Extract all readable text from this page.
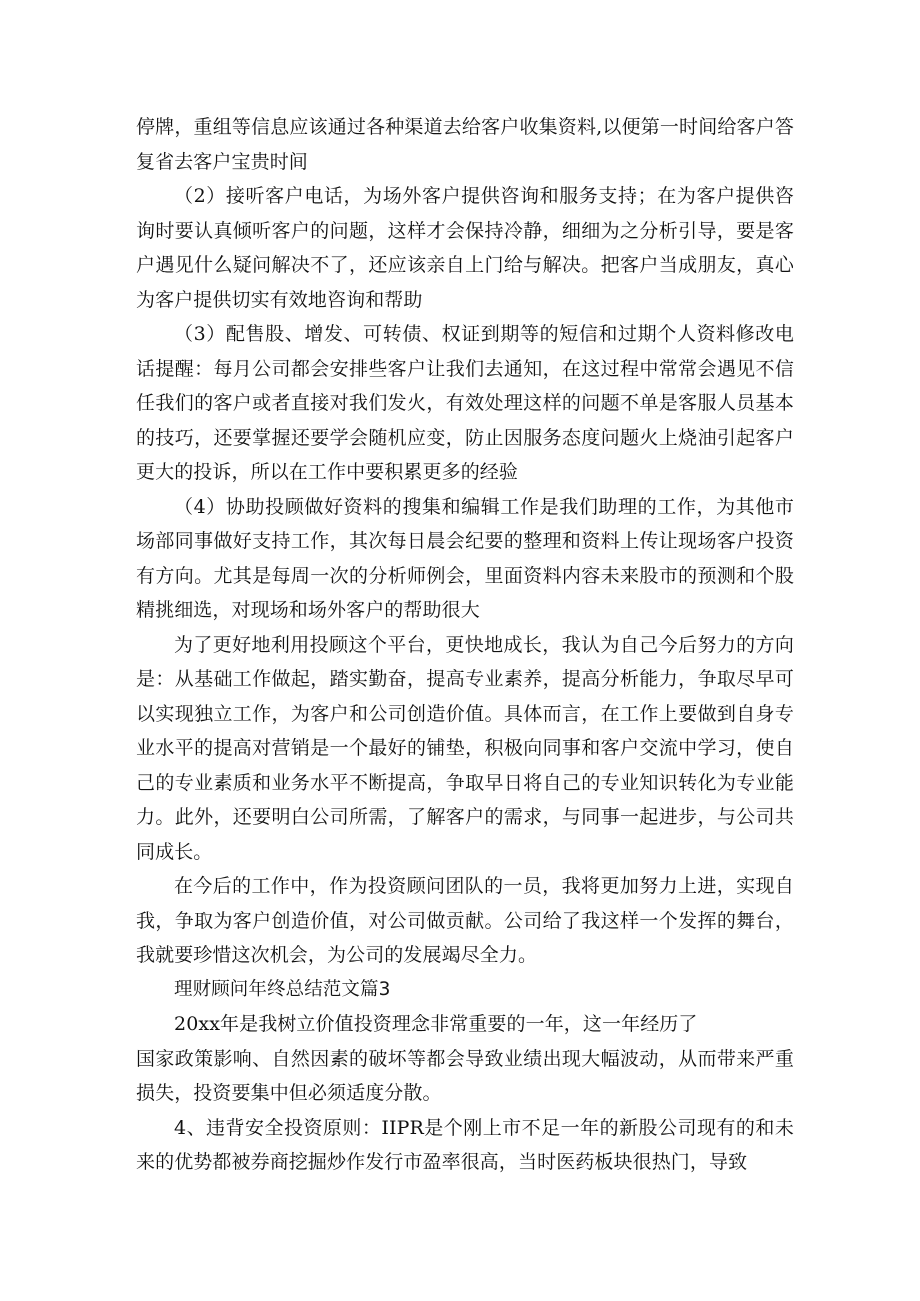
停牌，重组等信息应该通过各种渠道去给客户收集资料,以便第一时间给客户答复省去客户宝贵时间

（2）接听客户电话，为场外客户提供咨询和服务支持；在为客户提供咨询时要认真倾听客户的问题，这样才会保持冷静，细细为之分析引导，要是客户遇见什么疑问解决不了，还应该亲自上门给与解决。把客户当成朋友，真心为客户提供切实有效地咨询和帮助

（3）配售股、增发、可转债、权证到期等的短信和过期个人资料修改电话提醒：每月公司都会安排些客户让我们去通知，在这过程中常常会遇见不信任我们的客户或者直接对我们发火，有效处理这样的问题不单是客服人员基本的技巧，还要掌握还要学会随机应变，防止因服务态度问题火上烧油引起客户更大的投诉，所以在工作中要积累更多的经验

（4）协助投顾做好资料的搜集和编辑工作是我们助理的工作，为其他市场部同事做好支持工作，其次每日晨会纪要的整理和资料上传让现场客户投资有方向。尤其是每周一次的分析师例会，里面资料内容未来股市的预测和个股精挑细选，对现场和场外客户的帮助很大

为了更好地利用投顾这个平台，更快地成长，我认为自己今后努力的方向是：从基础工作做起，踏实勤奋，提高专业素养，提高分析能力，争取尽早可以实现独立工作，为客户和公司创造价值。具体而言，在工作上要做到自身专业水平的提高对营销是一个最好的铺垫，积极向同事和客户交流中学习，使自己的专业素质和业务水平不断提高，争取早日将自己的专业知识转化为专业能力。此外，还要明白公司所需，了解客户的需求，与同事一起进步，与公司共同成长。

在今后的工作中，作为投资顾问团队的一员，我将更加努力上进，实现自我，争取为客户创造价值，对公司做贡献。公司给了我这样一个发挥的舞台，我就要珍惜这次机会，为公司的发展竭尽全力。

理财顾问年终总结范文篇3

20xx年是我树立价值投资理念非常重要的一年，这一年经历了

国家政策影响、自然因素的破坏等都会导致业绩出现大幅波动，从而带来严重损失，投资要集中但必须适度分散。

4、违背安全投资原则：IIPR是个刚上市不足一年的新股公司现有的和未来的优势都被券商挖掘炒作发行市盈率很高，当时医药板块很热门，导致
